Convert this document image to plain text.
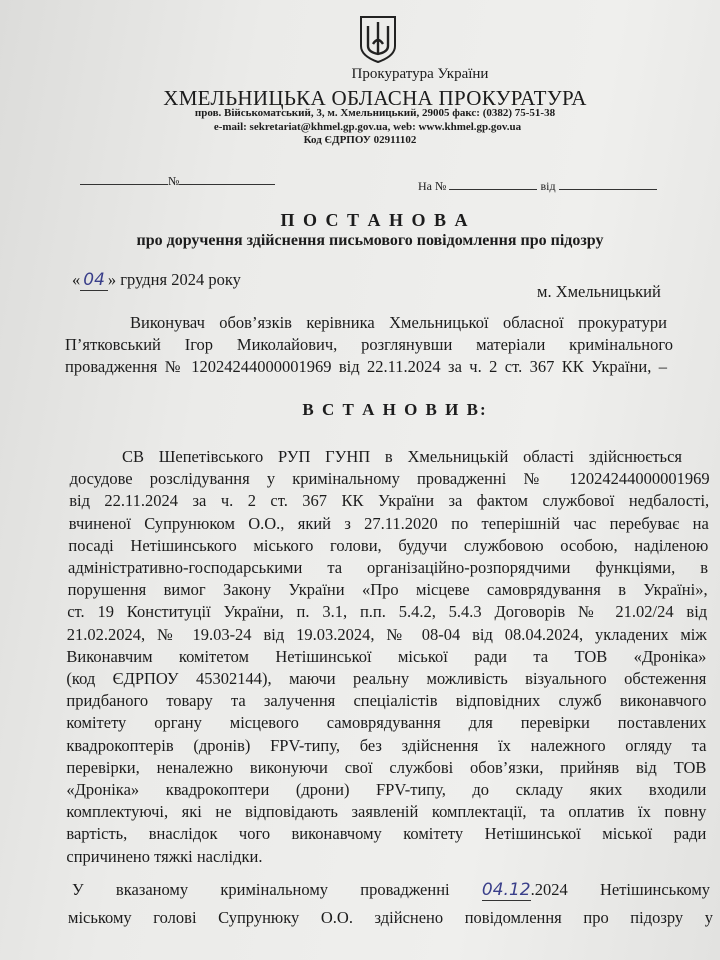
Прокуратура України
ХМЕЛЬНИЦЬКА ОБЛАСНА ПРОКУРАТУРА
пров. Військоматський, 3, м. Хмельницький, 29005 факс: (0382) 75-51-38
e-mail: sekretariat@khmel.gp.gov.ua, web: www.khmel.gp.gov.ua
Код ЄДРПОУ 02911102
№	На №	від
П О С Т А Н О В А
про доручення здійснення письмового повідомлення про підозру
« 04 » грудня 2024 року
м. Хмельницький
Виконувач обов’язків керівника Хмельницької обласної прокуратури
П’ятковський Ігор Миколайович, розглянувши матеріали кримінального
провадження № 12024244000001969 від 22.11.2024 за ч. 2 ст. 367 КК України, –
В С Т А Н О В И В:
СВ Шепетівського РУП ГУНП в Хмельницькій області здійснюється
досудове розслідування у кримінальному провадженні № 12024244000001969
від 22.11.2024 за ч. 2 ст. 367 КК України за фактом службової недбалості,
вчиненої Супрунюком О.О., який з 27.11.2020 по теперішній час перебуває на
посаді Нетішинського міського голови, будучи службовою особою, наділеною
адміністративно-господарськими та організаційно-розпорядчими функціями, в
порушення вимог Закону України «Про місцеве самоврядування в Україні»,
ст. 19 Конституції України, п. 3.1, п.п. 5.4.2, 5.4.3 Договорів № 21.02/24 від
21.02.2024, № 19.03-24 від 19.03.2024, № 08-04 від 08.04.2024, укладених між
Виконавчим комітетом Нетішинської міської ради та ТОВ «Дроніка»
(код ЄДРПОУ 45302144), маючи реальну можливість візуального обстеження
придбаного товару та залучення спеціалістів відповідних служб виконавчого
комітету органу місцевого самоврядування для перевірки поставлених
квадрокоптерів (дронів) FPV-типу, без здійснення їх належного огляду та
перевірки, неналежно виконуючи свої службові обов’язки, прийняв від ТОВ
«Дроніка» квадрокоптери (дрони) FPV-типу, до складу яких входили
комплектуючі, які не відповідають заявленій комплектації, та оплатив їх повну
вартість, внаслідок чого виконавчому комітету Нетішинської міської ради
спричинено тяжкі наслідки.
У вказаному кримінальному провадженні 04.12.2024 Нетішинському
міському голові Супрунюку О.О. здійснено повідомлення про підозру у
